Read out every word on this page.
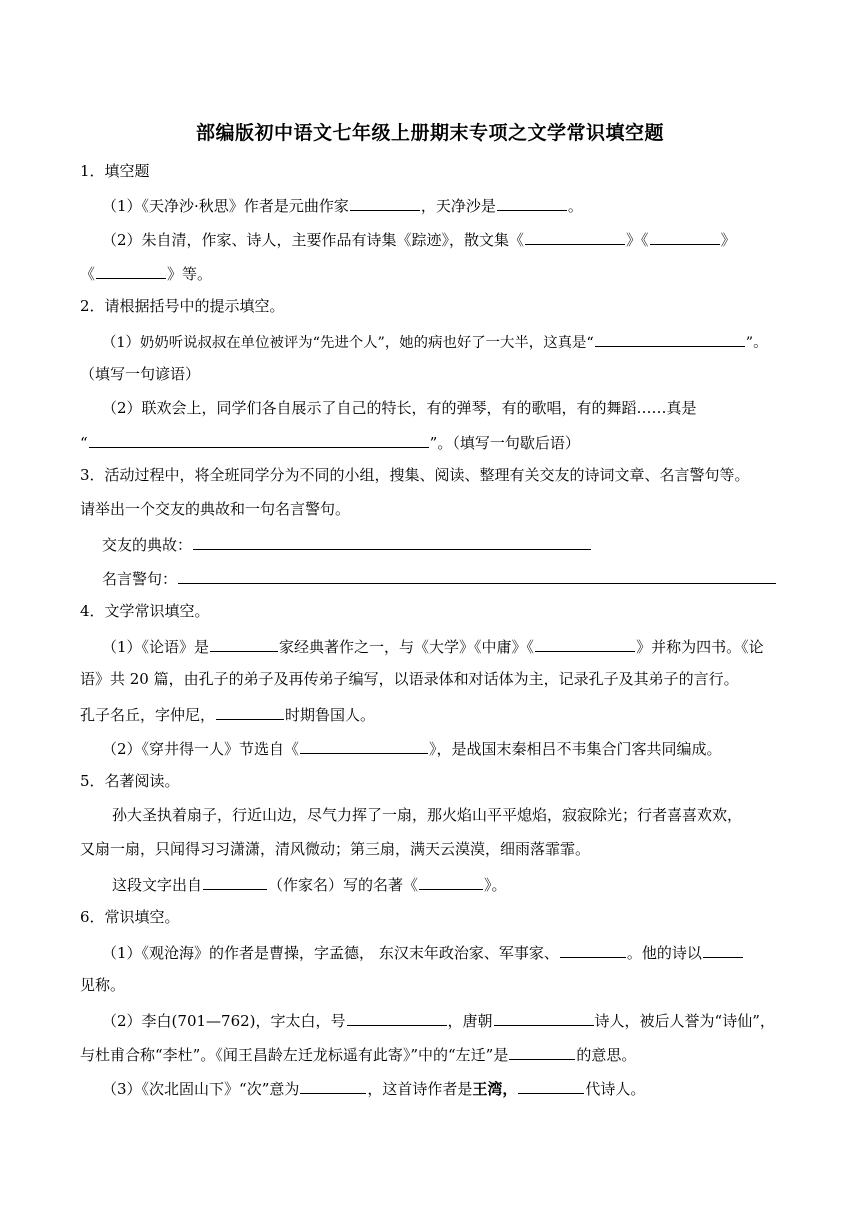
部编版初中语文七年级上册期末专项之文学常识填空题
1．填空题
（1）《天净沙·秋思》作者是元曲作家	，天净沙是	。
（2）朱自清，作家、诗人，主要作品有诗集《踪迹》，散文集《	》《	》
《	》等。
2．请根据括号中的提示填空。
（1）奶奶听说叔叔在单位被评为“先进个人”，她的病也好了一大半，这真是“	”。
（填写一句谚语）
（2）联欢会上，同学们各自展示了自己的特长，有的弹琴，有的歌唱，有的舞蹈……真是
“	”。（填写一句歇后语）
3．活动过程中，将全班同学分为不同的小组，搜集、阅读、整理有关交友的诗词文章、名言警句等。
请举出一个交友的典故和一句名言警句。
交友的典故：
名言警句：
4．文学常识填空。
（1）《论语》是	家经典著作之一，与《大学》《中庸》《	》并称为四书。《论
语》共 20 篇，由孔子的弟子及再传弟子编写，以语录体和对话体为主，记录孔子及其弟子的言行。
孔子名丘，字仲尼，	时期鲁国人。
（2）《穿井得一人》节选自《	》，是战国末秦相吕不韦集合门客共同编成。
5．名著阅读。
孙大圣执着扇子，行近山边，尽气力挥了一扇，那火焰山平平熄焰，寂寂除光；行者喜喜欢欢，
又扇一扇，只闻得习习潇潇，清风微动；第三扇，满天云漠漠，细雨落霏霏。
这段文字出自	（作家名）写的名著《	》。
6．常识填空。
（1）《观沧海》的作者是曹操，字孟德， 东汉末年政治家、军事家、	。他的诗以
见称。
（2）李白(701—762)，字太白，号	，唐朝	诗人，被后人誉为“诗仙”，
与杜甫合称“李杜”。《闻王昌龄左迁龙标遥有此寄》”中的“左迁”是	的意思。
（3）《次北固山下》“次”意为	，这首诗作者是王湾，	代诗人。
